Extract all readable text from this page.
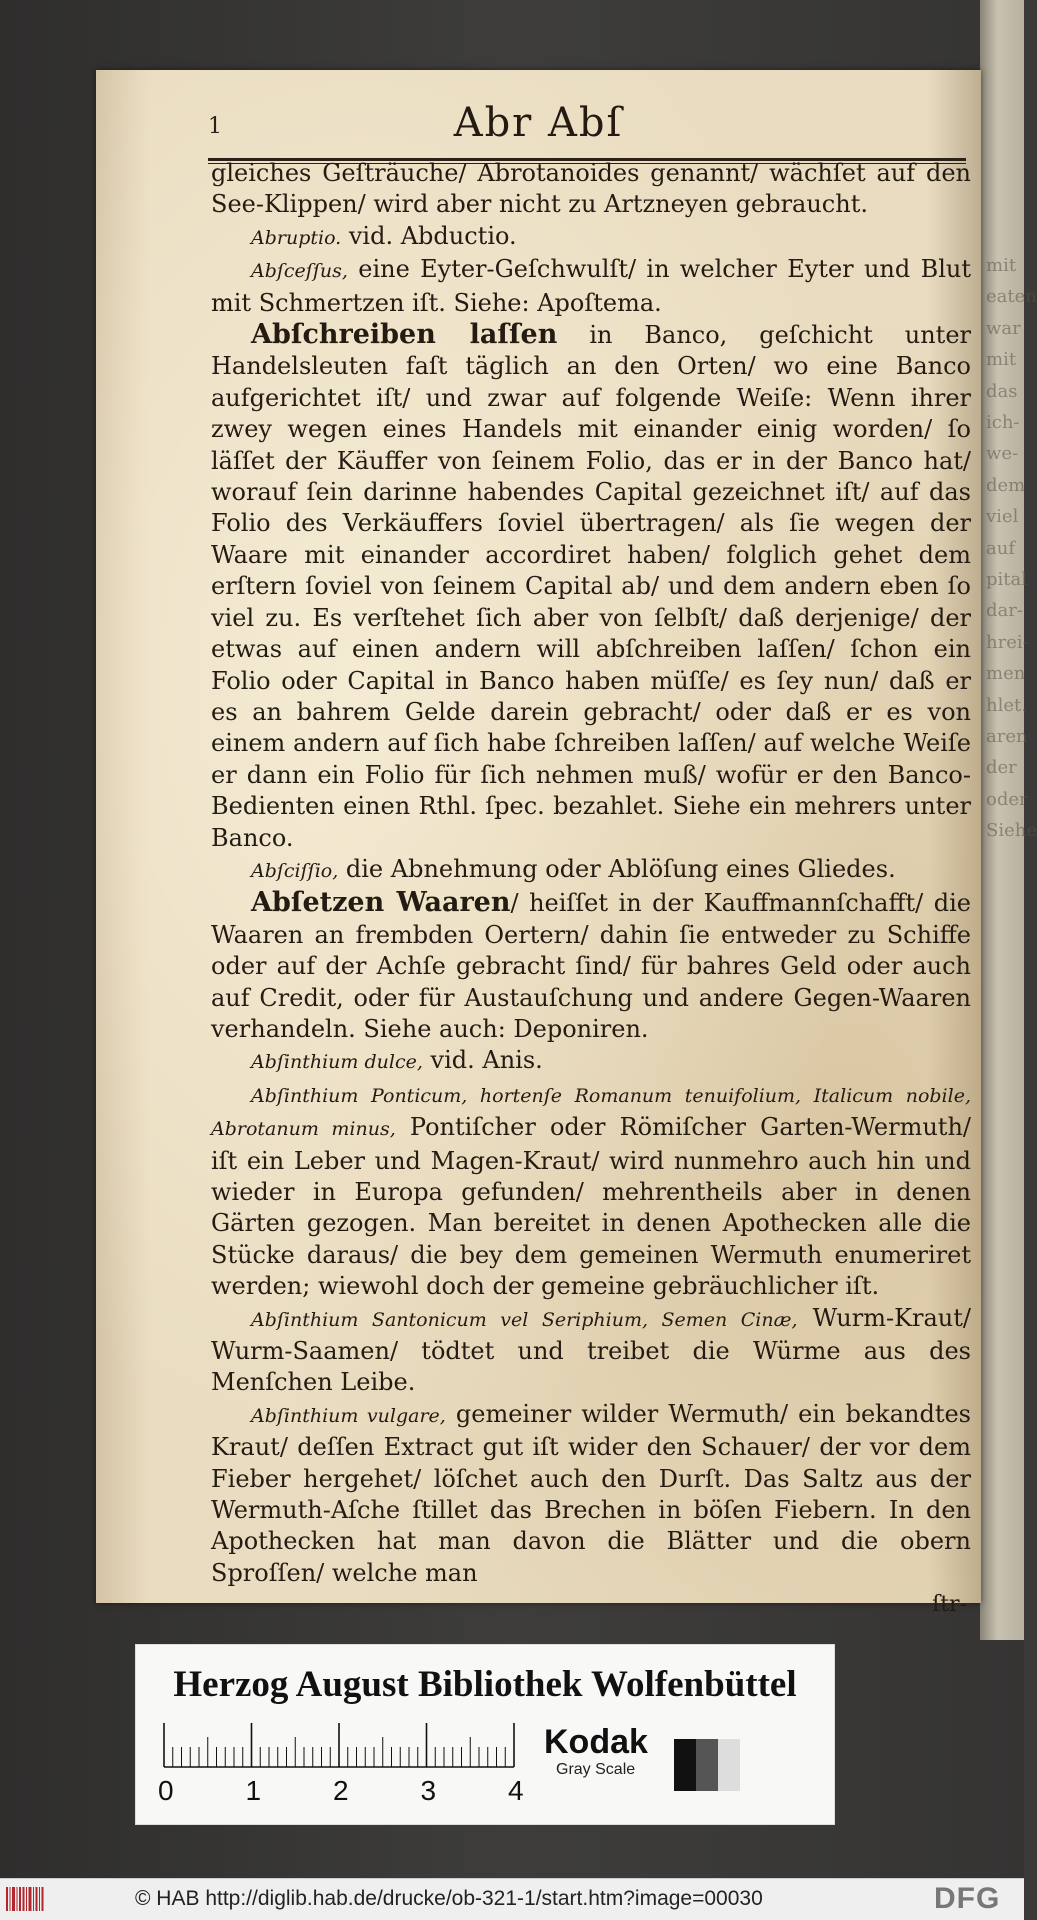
mit
eaten
war
mit
das
ich-
we-
dem
viel
auf
pital
dar-
hrei-
men
hlet.
aren
der
oder
Siehe
1	Abr Abſ

gleiches Geſträuche/ Abrotanoides genannt/ wächſet auf den See-Klippen/ wird aber nicht zu Artzneyen gebraucht.

Abruptio. vid. Abductio.

Abſceſſus, eine Eyter-Geſchwulſt/ in welcher Eyter und Blut mit Schmertzen iſt. Siehe: Apoſtema.

Abſchreiben laſſen in Banco, geſchicht unter Handelsleuten faſt täglich an den Orten/ wo eine Banco aufgerichtet iſt/ und zwar auf folgende Weiſe: Wenn ihrer zwey wegen eines Handels mit einander einig worden/ ſo läſſet der Käuffer von ſeinem Folio, das er in der Banco hat/ worauf ſein darinne habendes Capital gezeichnet iſt/ auf das Folio des Verkäuffers ſoviel übertragen/ als ſie wegen der Waare mit einander accordiret haben/ folglich gehet dem erſtern ſoviel von ſeinem Capital ab/ und dem andern eben ſo viel zu. Es verſtehet ſich aber von ſelbſt/ daß derjenige/ der etwas auf einen andern will abſchreiben laſſen/ ſchon ein Folio oder Capital in Banco haben müſſe/ es ſey nun/ daß er es an bahrem Gelde darein gebracht/ oder daß er es von einem andern auf ſich habe ſchreiben laſſen/ auf welche Weiſe er dann ein Folio für ſich nehmen muß/ wofür er den Banco-Bedienten einen Rthl. ſpec. bezahlet. Siehe ein mehrers unter Banco.

Abſciſſio, die Abnehmung oder Ablöſung eines Gliedes.

Abſetzen Waaren/ heiſſet in der Kauffmannſchafft/ die Waaren an frembden Oertern/ dahin ſie entweder zu Schiffe oder auf der Achſe gebracht ſind/ für bahres Geld oder auch auf Credit, oder für Austauſchung und andere Gegen-Waaren verhandeln. Siehe auch: Deponiren.

Abſinthium dulce, vid. Anis.

Abſinthium Ponticum, hortenſe Romanum tenuifolium, Italicum nobile, Abrotanum minus, Pontiſcher oder Römiſcher Garten-Wermuth/ iſt ein Leber und Magen-Kraut/ wird nunmehro auch hin und wieder in Europa gefunden/ mehrentheils aber in denen Gärten gezogen. Man bereitet in denen Apothecken alle die Stücke daraus/ die bey dem gemeinen Wermuth enumeriret werden; wiewohl doch der gemeine gebräuchlicher iſt.

Abſinthium Santonicum vel Seriphium, Semen Cinæ, Wurm-Kraut/ Wurm-Saamen/ tödtet und treibet die Würme aus des Menſchen Leibe.

Abſinthium vulgare, gemeiner wilder Wermuth/ ein bekandtes Kraut/ deſſen Extract gut iſt wider den Schauer/ der vor dem Fieber hergehet/ löſchet auch den Durſt. Das Saltz aus der Wermuth-Aſche ſtillet das Brechen in böſen Fiebern. In den Apothecken hat man davon die Blätter und die obern Sproſſen/ welche man

ſtr-

Herzog August Bibliothek Wolfenbüttel
0	1	2	3	4
Kodak
Gray Scale
© HAB http://diglib.hab.de/drucke/ob-321-1/start.htm?image=00030	DFG
